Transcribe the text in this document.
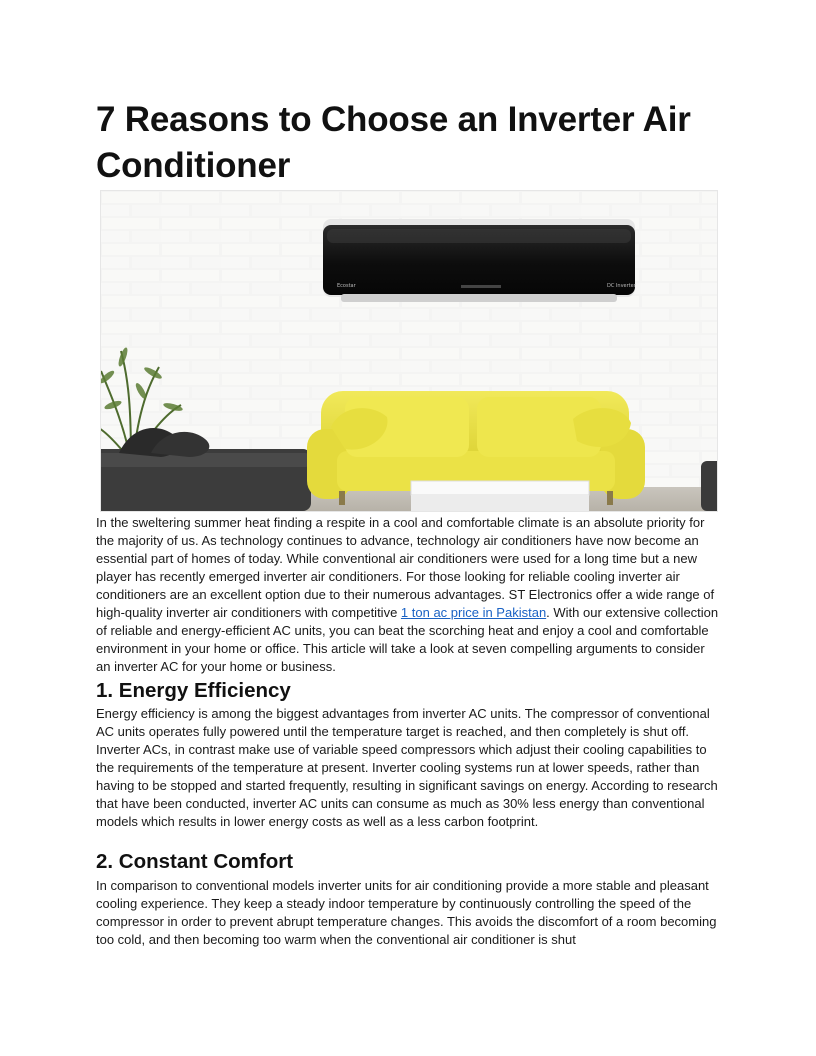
7 Reasons to Choose an Inverter Air Conditioner
Ecostar	DC Inverter

In the sweltering summer heat finding a respite in a cool and comfortable climate is an absolute priority for the majority of us. As technology continues to advance, technology air conditioners have now become an essential part of homes of today. While conventional air conditioners were used for a long time but a new player has recently emerged inverter air conditioners. For those looking for reliable cooling inverter air conditioners are an excellent option due to their numerous advantages. ST Electronics offer a wide range of high-quality inverter air conditioners with competitive 1 ton ac price in Pakistan. With our extensive collection of reliable and energy-efficient AC units, you can beat the scorching heat and enjoy a cool and comfortable environment in your home or office. This article will take a look at seven compelling arguments to consider an inverter AC for your home or business.

1. Energy Efficiency

Energy efficiency is among the biggest advantages from inverter AC units. The compressor of conventional AC units operates fully powered until the temperature target is reached, and then completely is shut off. Inverter ACs, in contrast make use of variable speed compressors which adjust their cooling capabilities to the requirements of the temperature at present. Inverter cooling systems run at lower speeds, rather than having to be stopped and started frequently, resulting in significant savings on energy. According to research that have been conducted, inverter AC units can consume as much as 30% less energy than conventional models which results in lower energy costs as well as a less carbon footprint.

2. Constant Comfort

In comparison to conventional models inverter units for air conditioning provide a more stable and pleasant cooling experience. They keep a steady indoor temperature by continuously controlling the speed of the compressor in order to prevent abrupt temperature changes. This avoids the discomfort of a room becoming too cold, and then becoming too warm when the conventional air conditioner is shut
